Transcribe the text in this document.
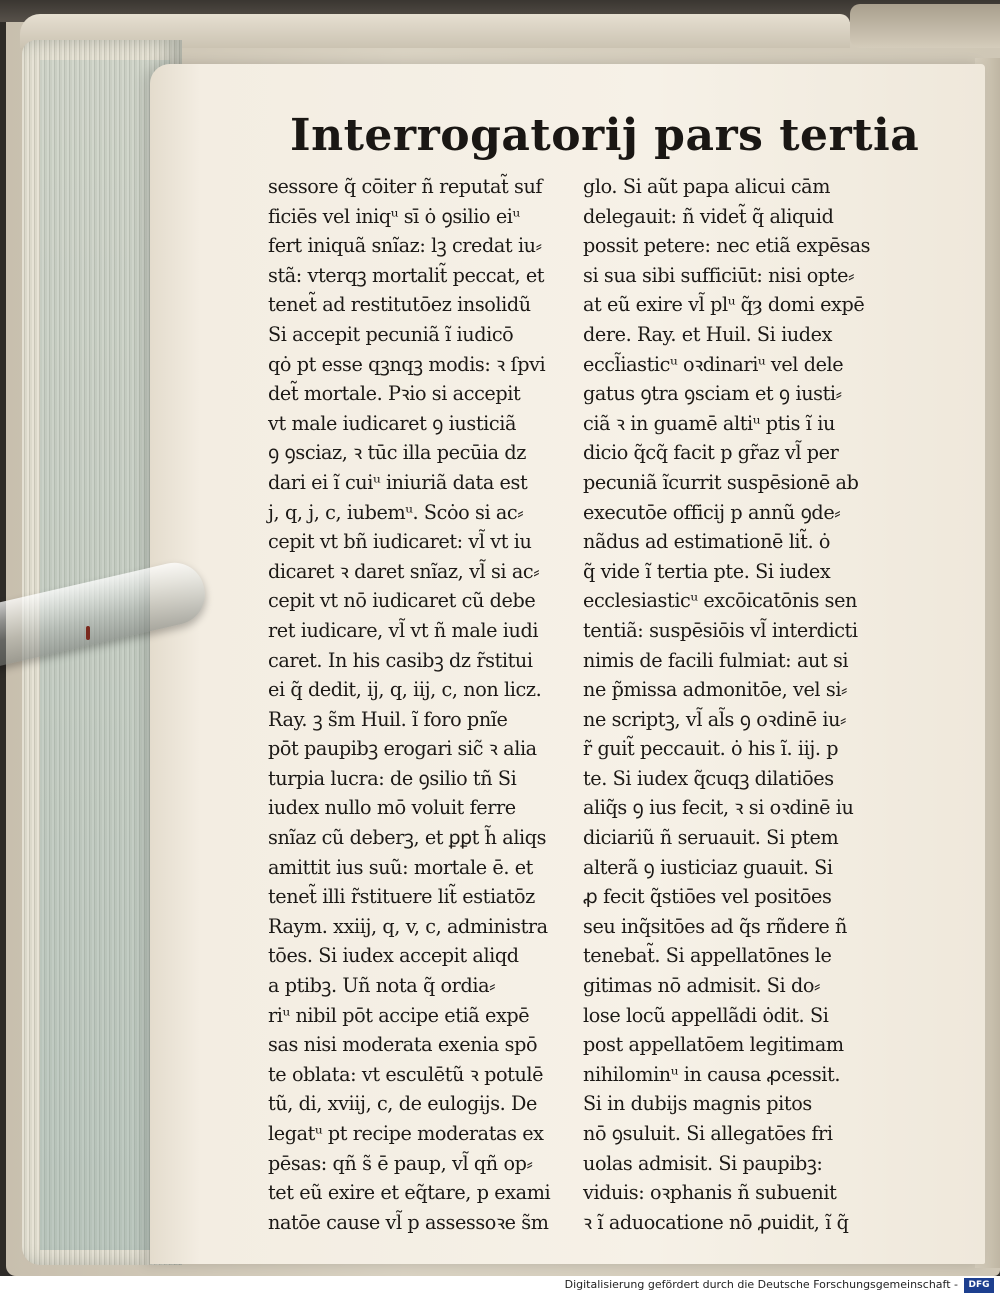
Interrogatorij pars tertia
sessore q̃ cōiter ñ reputat̃ suf
ficiēs vel iniqᵘ sī ȯ ꝯsilio eiᵘ
fert iniquã snĩaz: lꝫ credat iu⸗
stã: vterqꝫ mortalit̃ peccat, et
tenet̃ ad restitutōez insolidũ
Si accepit pecuniã ĩ iudicō
qȯ pt esse qꝫnqꝫ modis: ꝛ ſpvi
det̃ mortale. Pꝛio si accepit
vt male iudicaret ꝯ iusticiã
ꝯ ꝯsciaz, ꝛ tūc illa pecūia dz
dari ei ĩ cuiᵘ iniuriã data est
j, q, j, c, iubemᵘ. Scȯo si ac⸗
cepit vt bñ iudicaret: vl̃ vt iu
dicaret ꝛ daret snĩaz, vl̃ si ac⸗
cepit vt nō iudicaret cũ debe
ret iudicare, vl̃ vt ñ male iudi
caret. In his casibꝫ dz r̃stitui
ei q̃ dedit, ij, q, iij, c, non licz.
Ray. ꝫ s̃m Huil. ĩ foro pnĩe
pōt paupibꝫ erogari sic̃ ꝛ alia
turpia lucra: de ꝯsilio tñ Si
iudex nullo mō voluit ferre
snĩaz cũ deberꝫ, et ꝑꝑt h̃ aliqs
amittit ius suũ: mortale ē. et
tenet̃ illi r̃stituere lit̃ estiatōz
Raym. xxiij, q, v, c, administra
tōes. Si iudex accepit aliqd
a ptibꝫ. Uñ nota q̃ ordia⸗
riᵘ nibil pōt accipe etiã expē
sas nisi moderata exenia spō
te oblata: vt esculētũ ꝛ potulē
tũ, di, xviij, c, de eulogijs. De
legatᵘ pt recipe moderatas ex
pēsas: qñ s̃ ē paup, vl̃ qñ op⸗
tet eũ exire et eq̃tare, p exami
natōe cause vl̃ p assessoꝛe s̃m
glo. Si aũt papa alicui cām
delegauit: ñ videt̃ q̃ aliquid
possit petere: nec etiã expēsas
si sua sibi sufficiūt: nisi opte⸗
at eũ exire vl̃ plᵘ q̃ȝ domi expē
dere. Ray. et Huil. Si iudex
eccl̃iasticᵘ oꝛdinariᵘ vel dele
gatus ꝯtra ꝯsciam et ꝯ iusti⸗
ciã ꝛ in guamē altiᵘ ptis ĩ iu
dicio q̃cq̃ facit p gr̃az vl̃ per
pecuniã ĩcurrit suspēsionē ab
executōe officij p annũ ꝯde⸗
nãdus ad estimationē lit̃. ȯ
q̃ vide ĩ tertia pte. Si iudex
ecclesiasticᵘ excōicatōnis sen
tentiã: suspēsiōis vl̃ interdicti
nimis de facili fulmiat: aut si
ne p̃missa admonitōe, vel si⸗
ne scriptꝫ, vl̃ al̃s ꝯ oꝛdinē iu⸗
r̃ guit̃ peccauit. ȯ his ĩ. iij. p
te. Si iudex q̃cuqꝫ dilatiōes
aliq̃s ꝯ ius fecit, ꝛ si oꝛdinē iu
diciariũ ñ seruauit. Si ptem
alterã ꝯ iusticiaz guauit. Si
ꝓ fecit q̃stiōes vel positōes
seu inq̃sitōes ad q̃s rñdere ñ
tenebat̃. Si appellatōnes le
gitimas nō admisit. Si do⸗
lose locũ appellãdi ȯdit. Si
post appellatōem legitimam
nihilominᵘ in causa ꝓcessit.
Si in dubijs magnis pitos
nō ꝯsuluit. Si allegatōes fri
uolas admisit. Si paupibꝫ:
viduis: oꝛphanis ñ subuenit
ꝛ ĩ aduocatione nō ꝓuidit, ĩ q̃
Digitalisierung gefördert durch die Deutsche Forschungsgemeinschaft -	DFG
